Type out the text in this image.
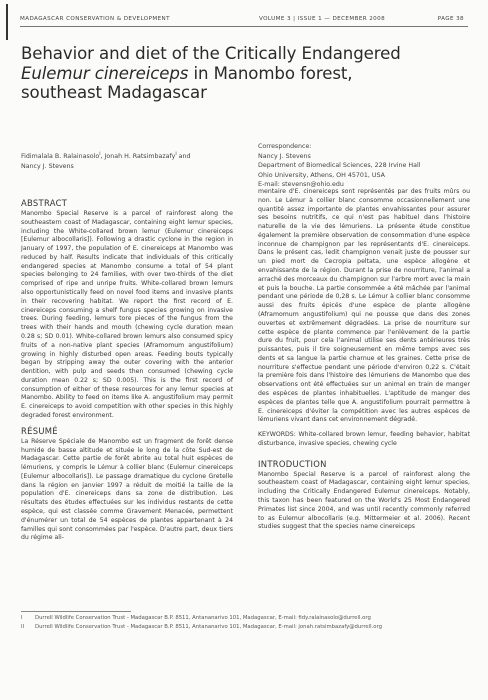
MADAGASCAR CONSERVATION & DEVELOPMENT	VOLUME 3 | ISSUE 1 — DECEMBER 2008	PAGE 38
Behavior and diet of the Critically Endangered
Eulemur cinereiceps in Manombo forest,
southeast Madagascar
Fidimalala B. Ralainasolo$^I$, Jonah H. Ratsimbazafy$^I$ and
Nancy J. Stevens
Correspondence:
Nancy J. Stevens
Department of Biomedical Sciences, 228 Irvine Hall
Ohio University, Athens, OH 45701, USA
E-mail: stevensn@ohio.edu
ABSTRACT

Manombo Special Reserve is a parcel of rainforest along the southeastern coast of Madagascar, containing eight lemur species, including the White-collared brown lemur (Eulemur cinereiceps [Eulemur albocollaris]). Following a drastic cyclone in the region in January of 1997, the population of E. cinereiceps at Manombo was reduced by half. Results indicate that individuals of this critically endangered species at Manombo consume a total of 54 plant species belonging to 24 families, with over two-thirds of the diet comprised of ripe and unripe fruits. White-collared brown lemurs also opportunistically feed on novel food items and invasive plants in their recovering habitat. We report the first record of E. cinereiceps consuming a shelf fungus species growing on invasive trees. During feeding, lemurs tore pieces of the fungus from the trees with their hands and mouth (chewing cycle duration mean 0.28 s; SD 0.01). White-collared brown lemurs also consumed spicy fruits of a non-native plant species (Aframomum angustifolium) growing in highly disturbed open areas. Feeding bouts typically began by stripping away the outer covering with the anterior dentition, with pulp and seeds then consumed (chewing cycle duration mean 0.22 s; SD 0.005). This is the first record of consumption of either of these resources for any lemur species at Manombo. Ability to feed on items like A. angustifolium may permit E. cinereiceps to avoid competition with other species in this highly degraded forest environment.

RÉSUMÉ

La Réserve Spéciale de Manombo est un fragment de forêt dense humide de basse altitude et située le long de la côte Sud-est de Madagascar. Cette partie de forêt abrite au total huit espèces de lémuriens, y compris le Lémur à collier blanc (Eulemur cinereiceps [Eulemur albocollaris]). Le passage dramatique du cyclone Gretelle dans la région en janvier 1997 a réduit de moitié la taille de la population d'E. cinereiceps dans sa zone de distribution. Les résultats des études effectuées sur les individus restants de cette espèce, qui est classée comme Gravement Menacée, permettent d'énumérer un total de 54 espèces de plantes appartenant à 24 familles qui sont consommées par l'espèce. D'autre part, deux tiers du régime ali-

mentaire d'E. cinereiceps sont représentés par des fruits mûrs ou non. Le Lémur à collier blanc consomme occasionnellement une quantité assez importante de plantes envahissantes pour assurer ses besoins nutritifs, ce qui n'est pas habituel dans l'histoire naturelle de la vie des lémuriens. La présente étude constitue également la première observation de consommation d'une espèce inconnue de champignon par les représentants d'E. cinereiceps. Dans le présent cas, ledit champignon venait juste de pousser sur un pied mort de Cecropia peltata, une espèce allogène et envahissante de la région. Durant la prise de nourriture, l'animal a arraché des morceaux du champignon sur l'arbre mort avec la main et puis la bouche. La partie consommée a été mâchée par l'animal pendant une période de 0,28 s. Le Lémur à collier blanc consomme aussi des fruits épicés d'une espèce de plante allogène (Aframomum angustifolium) qui ne pousse que dans des zones ouvertes et extrêmement dégradées. La prise de nourriture sur cette espèce de plante commence par l'enlèvement de la partie dure du fruit, pour cela l'animal utilise ses dents antérieures très puissantes, puis il tire soigneusement en même temps avec ses dents et sa langue la partie charnue et les graines. Cette prise de nourriture s'effectue pendant une période d'environ 0,22 s. C'était la première fois dans l'histoire des lémuriens de Manombo que des observations ont été effectuées sur un animal en train de manger des espèces de plantes inhabituelles. L'aptitude de manger des espèces de plantes telle que A. angustifolium pourrait permettre à E. cinereiceps d'éviter la compétition avec les autres espèces de lémuriens vivant dans cet environnement dégradé.

KEYWORDS: White-collared brown lemur, feeding behavior, habitat disturbance, invasive species, chewing cycle

INTRODUCTION

Manombo Special Reserve is a parcel of rainforest along the southeastern coast of Madagascar, containing eight lemur species, including the Critically Endangered Eulemur cinereiceps. Notably, this taxon has been featured on the World's 25 Most Endangered Primates list since 2004, and was until recently commonly referred to as Eulemur albocollaris (e.g. Mittermeier et al. 2006). Recent studies suggest that the species name cinereiceps

I Durrell Wildlife Conservation Trust - Madagascar B.P. 8511, Antananarivo 101, Madagascar, E-mail: fidy.ralainasolo@durrell.org
II Durrell Wildlife Conservation Trust - Madagascar B.P. 8511, Antananarivo 101, Madagascar, E-mail: jonah.ratsimbazafy@durrell.org
